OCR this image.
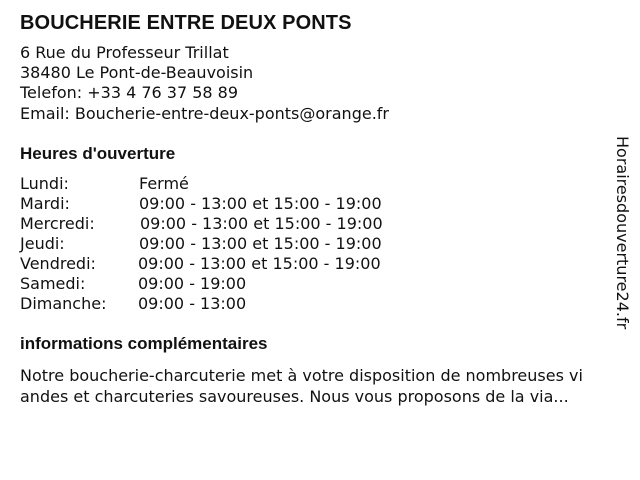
BOUCHERIE ENTRE DEUX PONTS
6 Rue du Professeur Trillat
38480 Le Pont-de-Beauvoisin
Telefon: +33 4 76 37 58 89
Email: Boucherie-entre-deux-ponts@orange.fr
Heures d'ouverture
Lundi:	Fermé
Mardi:	09:00 - 13:00 et 15:00 - 19:00
Mercredi:	09:00 - 13:00 et 15:00 - 19:00
Jeudi:	09:00 - 13:00 et 15:00 - 19:00
Vendredi:	09:00 - 13:00 et 15:00 - 19:00
Samedi:	09:00 - 19:00
Dimanche: 09:00 - 13:00
informations complémentaires
Notre boucherie-charcuterie met à votre disposition de nombreuses vi
andes et charcuteries savoureuses. Nous vous proposons de la via...
Horairesdouverture24.fr
